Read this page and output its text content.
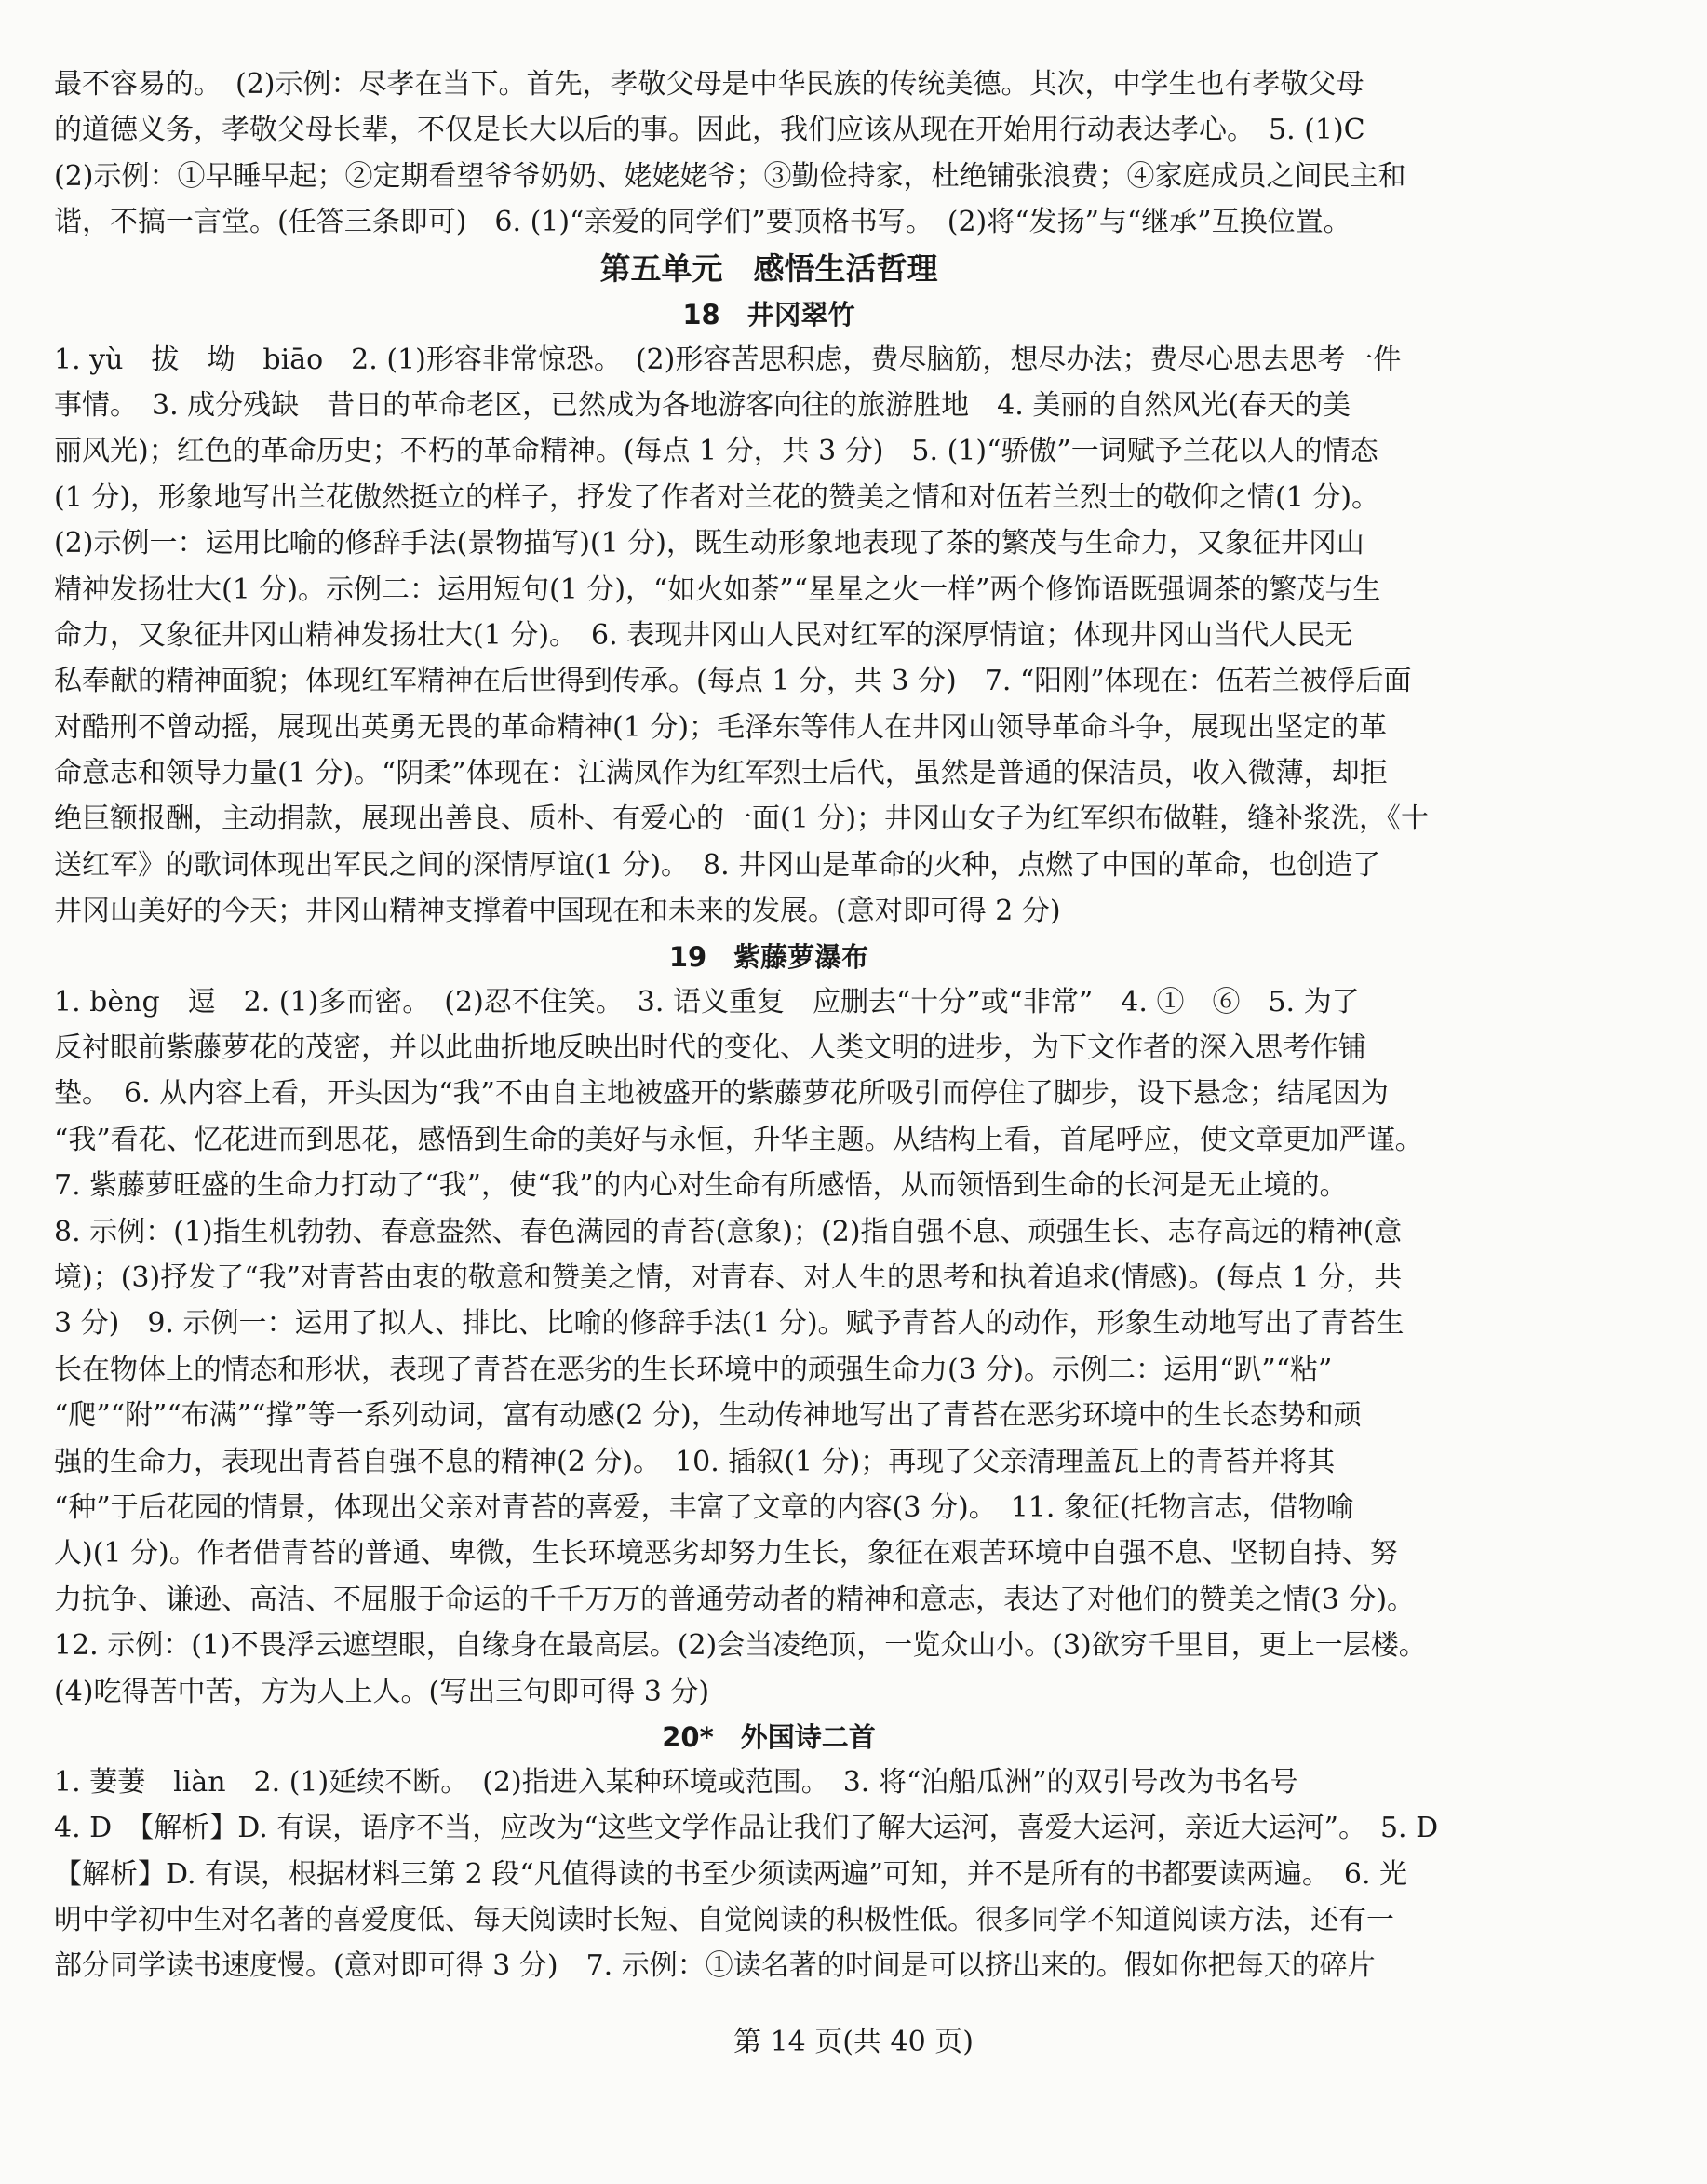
最不容易的。　(2)示例：尽孝在当下。首先，孝敬父母是中华民族的传统美德。其次，中学生也有孝敬父母
的道德义务，孝敬父母长辈，不仅是长大以后的事。因此，我们应该从现在开始用行动表达孝心。　5. (1)C
(2)示例：①早睡早起；②定期看望爷爷奶奶、姥姥姥爷；③勤俭持家，杜绝铺张浪费；④家庭成员之间民主和
谐，不搞一言堂。(任答三条即可)　6. (1)“亲爱的同学们”要顶格书写。　(2)将“发扬”与“继承”互换位置。
第五单元　感悟生活哲理
18　井冈翠竹
1. yù　拔　坳　biāo　2. (1)形容非常惊恐。　(2)形容苦思积虑，费尽脑筋，想尽办法；费尽心思去思考一件
事情。　3. 成分残缺　昔日的革命老区，已然成为各地游客向往的旅游胜地　4. 美丽的自然风光(春天的美
丽风光)；红色的革命历史；不朽的革命精神。(每点 1 分，共 3 分)　5. (1)“骄傲”一词赋予兰花以人的情态
(1 分)，形象地写出兰花傲然挺立的样子，抒发了作者对兰花的赞美之情和对伍若兰烈士的敬仰之情(1 分)。
(2)示例一：运用比喻的修辞手法(景物描写)(1 分)，既生动形象地表现了茶的繁茂与生命力，又象征井冈山
精神发扬壮大(1 分)。示例二：运用短句(1 分)，“如火如荼”“星星之火一样”两个修饰语既强调茶的繁茂与生
命力，又象征井冈山精神发扬壮大(1 分)。　6. 表现井冈山人民对红军的深厚情谊；体现井冈山当代人民无
私奉献的精神面貌；体现红军精神在后世得到传承。(每点 1 分，共 3 分)　7. “阳刚”体现在：伍若兰被俘后面
对酷刑不曾动摇，展现出英勇无畏的革命精神(1 分)；毛泽东等伟人在井冈山领导革命斗争，展现出坚定的革
命意志和领导力量(1 分)。“阴柔”体现在：江满凤作为红军烈士后代，虽然是普通的保洁员，收入微薄，却拒
绝巨额报酬，主动捐款，展现出善良、质朴、有爱心的一面(1 分)；井冈山女子为红军织布做鞋，缝补浆洗，《十
送红军》的歌词体现出军民之间的深情厚谊(1 分)。　8. 井冈山是革命的火种，点燃了中国的革命，也创造了
井冈山美好的今天；井冈山精神支撑着中国现在和未来的发展。(意对即可得 2 分)
19　紫藤萝瀑布
1. bèng　逗　2. (1)多而密。　(2)忍不住笑。　3. 语义重复　应删去“十分”或“非常”　4. ①　⑥　5. 为了
反衬眼前紫藤萝花的茂密，并以此曲折地反映出时代的变化、人类文明的进步，为下文作者的深入思考作铺
垫。　6. 从内容上看，开头因为“我”不由自主地被盛开的紫藤萝花所吸引而停住了脚步，设下悬念；结尾因为
“我”看花、忆花进而到思花，感悟到生命的美好与永恒，升华主题。从结构上看，首尾呼应，使文章更加严谨。
7. 紫藤萝旺盛的生命力打动了“我”，使“我”的内心对生命有所感悟，从而领悟到生命的长河是无止境的。
8. 示例：(1)指生机勃勃、春意盎然、春色满园的青苔(意象)；(2)指自强不息、顽强生长、志存高远的精神(意
境)；(3)抒发了“我”对青苔由衷的敬意和赞美之情，对青春、对人生的思考和执着追求(情感)。(每点 1 分，共
3 分)　9. 示例一：运用了拟人、排比、比喻的修辞手法(1 分)。赋予青苔人的动作，形象生动地写出了青苔生
长在物体上的情态和形状，表现了青苔在恶劣的生长环境中的顽强生命力(3 分)。示例二：运用“趴”“粘”
“爬”“附”“布满”“撑”等一系列动词，富有动感(2 分)，生动传神地写出了青苔在恶劣环境中的生长态势和顽
强的生命力，表现出青苔自强不息的精神(2 分)。　10. 插叙(1 分)；再现了父亲清理盖瓦上的青苔并将其
“种”于后花园的情景，体现出父亲对青苔的喜爱，丰富了文章的内容(3 分)。　11. 象征(托物言志，借物喻
人)(1 分)。作者借青苔的普通、卑微，生长环境恶劣却努力生长，象征在艰苦环境中自强不息、坚韧自持、努
力抗争、谦逊、高洁、不屈服于命运的千千万万的普通劳动者的精神和意志，表达了对他们的赞美之情(3 分)。
12. 示例：(1)不畏浮云遮望眼，自缘身在最高层。(2)会当凌绝顶，一览众山小。(3)欲穷千里目，更上一层楼。
(4)吃得苦中苦，方为人上人。(写出三句即可得 3 分)
20*　外国诗二首
1. 萋萋　liàn　2. (1)延续不断。　(2)指进入某种环境或范围。　3. 将“泊船瓜洲”的双引号改为书名号
4. D　【解析】D. 有误，语序不当，应改为“这些文学作品让我们了解大运河，喜爱大运河，亲近大运河”。　5. D
【解析】D. 有误，根据材料三第 2 段“凡值得读的书至少须读两遍”可知，并不是所有的书都要读两遍。　6. 光
明中学初中生对名著的喜爱度低、每天阅读时长短、自觉阅读的积极性低。很多同学不知道阅读方法，还有一
部分同学读书速度慢。(意对即可得 3 分)　7. 示例：①读名著的时间是可以挤出来的。假如你把每天的碎片
第 14 页(共 40 页)
